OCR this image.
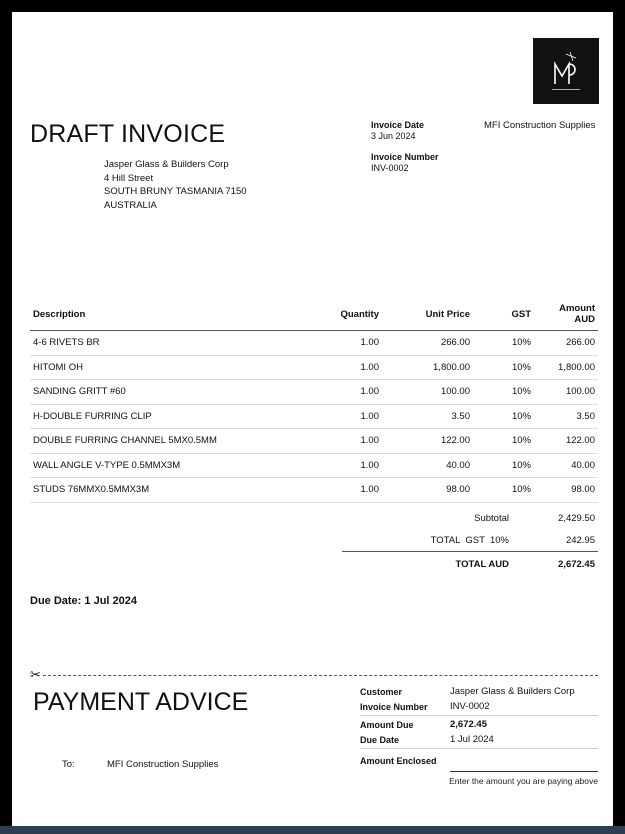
DRAFT INVOICE
Jasper Glass & Builders Corp
4 Hill Street
SOUTH BRUNY TASMANIA 7150
AUSTRALIA
Invoice Date
3 Jun 2024
Invoice Number
INV-0002
MFI Construction Supplies
Description	Quantity	Unit Price	GST	Amount AUD
4-6 RIVETS BR	1.00	266.00	10%	266.00
HITOMI OH	1.00	1,800.00	10%	1,800.00
SANDING GRITT #60	1.00	100.00	10%	100.00
H-DOUBLE FURRING CLIP	1.00	3.50	10%	3.50
DOUBLE FURRING CHANNEL 5MX0.5MM	1.00	122.00	10%	122.00
WALL ANGLE V-TYPE 0.5MMX3M	1.00	40.00	10%	40.00
STUDS 76MMX0.5MMX3M	1.00	98.00	10%	98.00
Subtotal	2,429.50
TOTAL  GST  10%	242.95
TOTAL AUD	2,672.45
Due Date: 1 Jul 2024
✂
PAYMENT ADVICE
To:	MFI Construction Supplies
Customer	Jasper Glass & Builders Corp
Invoice Number	INV-0002
Amount Due	2,672.45
Due Date	1 Jul 2024
Amount Enclosed
Enter the amount you are paying above
